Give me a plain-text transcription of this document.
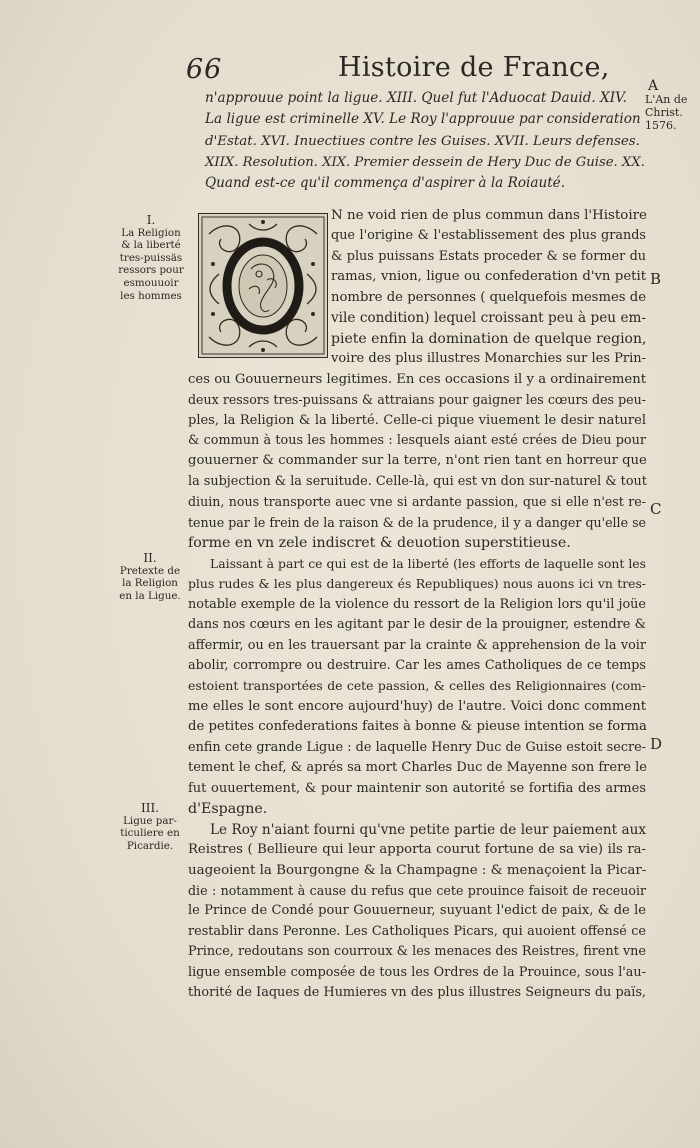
66	Histoire de France,
A
L'An de
Christ.
1576.
n'approuue point la ligue. XIII. Quel fut l'Aduocat Dauid. XIV.
La ligue est criminelle XV. Le Roy l'approuue par consideration
d'Estat. XVI. Inuectiues contre les Guises. XVII. Leurs defenses.
XIIX. Resolution. XIX. Premier dessein de Hery Duc de Guise. XX.
Quand est-ce qu'il commença d'aspirer à la Roiauté.
I.
La Religion
& la liberté
tres-puissäs
ressors pour
esmouuoir
les hommes
II.
Pretexte de
la Religion
en la Ligue.
III.
Ligue par-
ticuliere en
Picardie.
B
C
D
N ne void rien de plus commun dans l'Histoire
que l'origine & l'establissement des plus grands
& plus puissans Estats proceder & se former du
ramas, vnion, ligue ou confederation d'vn petit
nombre de personnes ( quelquefois mesmes de
vile condition) lequel croissant peu à peu em-
piete enfin la domination de quelque region,
voire des plus illustres Monarchies sur les Prin-
ces ou Gouuerneurs legitimes. En ces occasions il y a ordinairement
deux ressors tres-puissans & attraians pour gaigner les cœurs des peu-
ples, la Religion & la liberté. Celle-ci pique viuement le desir naturel
& commun à tous les hommes : lesquels aiant esté crées de Dieu pour
gouuerner & commander sur la terre, n'ont rien tant en horreur que
la subjection & la seruitude. Celle-là, qui est vn don sur-naturel & tout
diuin, nous transporte auec vne si ardante passion, que si elle n'est re-
tenue par le frein de la raison & de la prudence, il y a danger qu'elle se
forme en vn zele indiscret & deuotion superstitieuse.
Laissant à part ce qui est de la liberté (les efforts de laquelle sont les
plus rudes & les plus dangereux és Republiques) nous auons ici vn tres-
notable exemple de la violence du ressort de la Religion lors qu'il joüe
dans nos cœurs en les agitant par le desir de la prouigner, estendre &
affermir, ou en les trauersant par la crainte & apprehension de la voir
abolir, corrompre ou destruire. Car les ames Catholiques de ce temps
estoient transportées de cete passion, & celles des Religionnaires (com-
me elles le sont encore aujourd'huy) de l'autre. Voici donc comment
de petites confederations faites à bonne & pieuse intention se forma
enfin cete grande Ligue : de laquelle Henry Duc de Guise estoit secre-
tement le chef, & aprés sa mort Charles Duc de Mayenne son frere le
fut ouuertement, & pour maintenir son autorité se fortifia des armes
d'Espagne.
Le Roy n'aiant fourni qu'vne petite partie de leur paiement aux
Reistres ( Bellieure qui leur apporta courut fortune de sa vie) ils ra-
uageoient la Bourgongne & la Champagne : & menaçoient la Picar-
die : notamment à cause du refus que cete prouince faisoit de receuoir
le Prince de Condé pour Gouuerneur, suyuant l'edict de paix, & de le
restablir dans Peronne. Les Catholiques Picars, qui auoient offensé ce
Prince, redoutans son courroux & les menaces des Reistres, firent vne
ligue ensemble composée de tous les Ordres de la Prouince, sous l'au-
thorité de Iaques de Humieres vn des plus illustres Seigneurs du païs,
